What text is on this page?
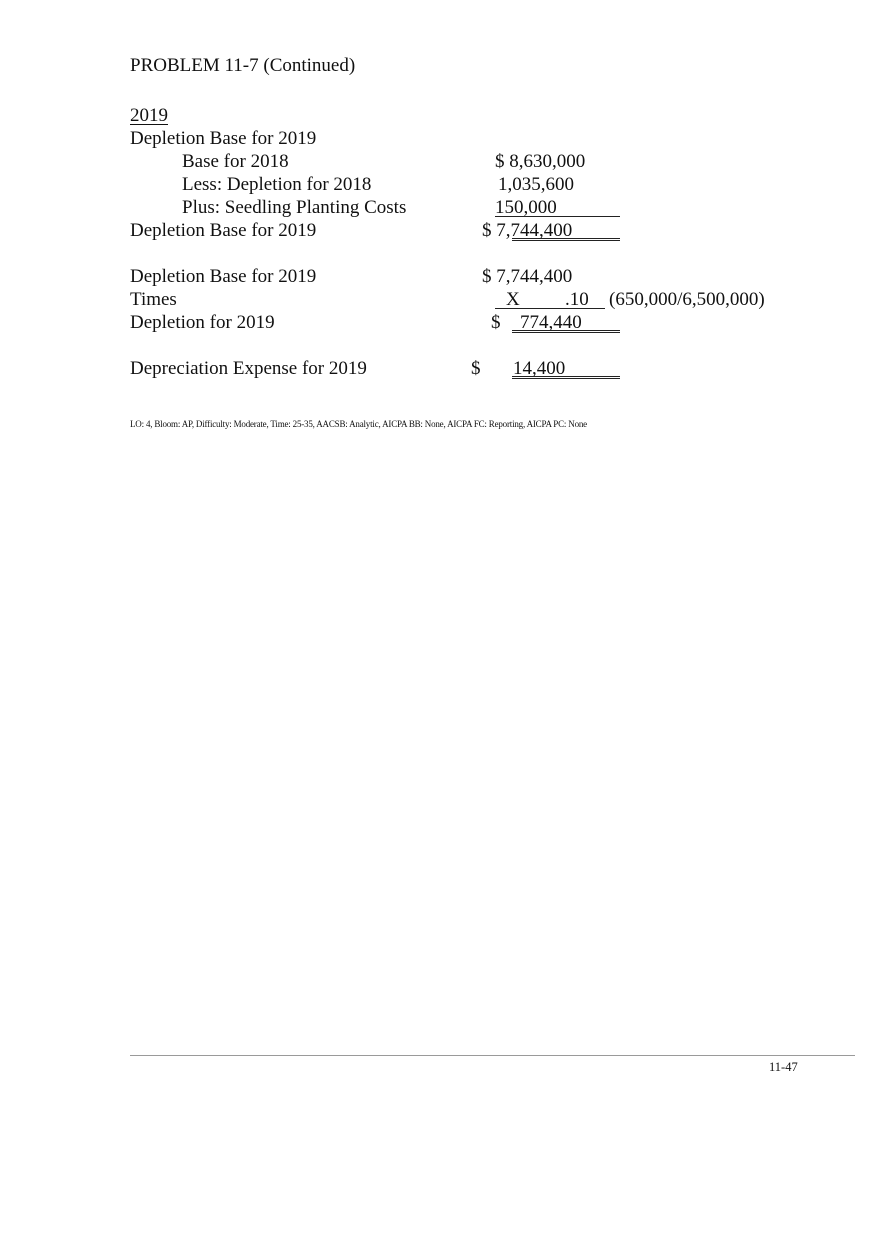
PROBLEM 11-7 (Continued)
2019
Depletion Base for 2019
Base for 2018	$ 8,630,000
Less: Depletion for 2018	1,035,600
Plus: Seedling Planting Costs	150,000
Depletion Base for 2019	$ 7,744,400
Depletion Base for 2019	$ 7,744,400
Times	X .10 (650,000/6,500,000)
Depletion for 2019	$ 774,440
Depreciation Expense for 2019	$ 14,400
LO: 4, Bloom: AP, Difficulty: Moderate, Time: 25-35, AACSB: Analytic, AICPA BB: None, AICPA FC: Reporting, AICPA PC: None
11-47
